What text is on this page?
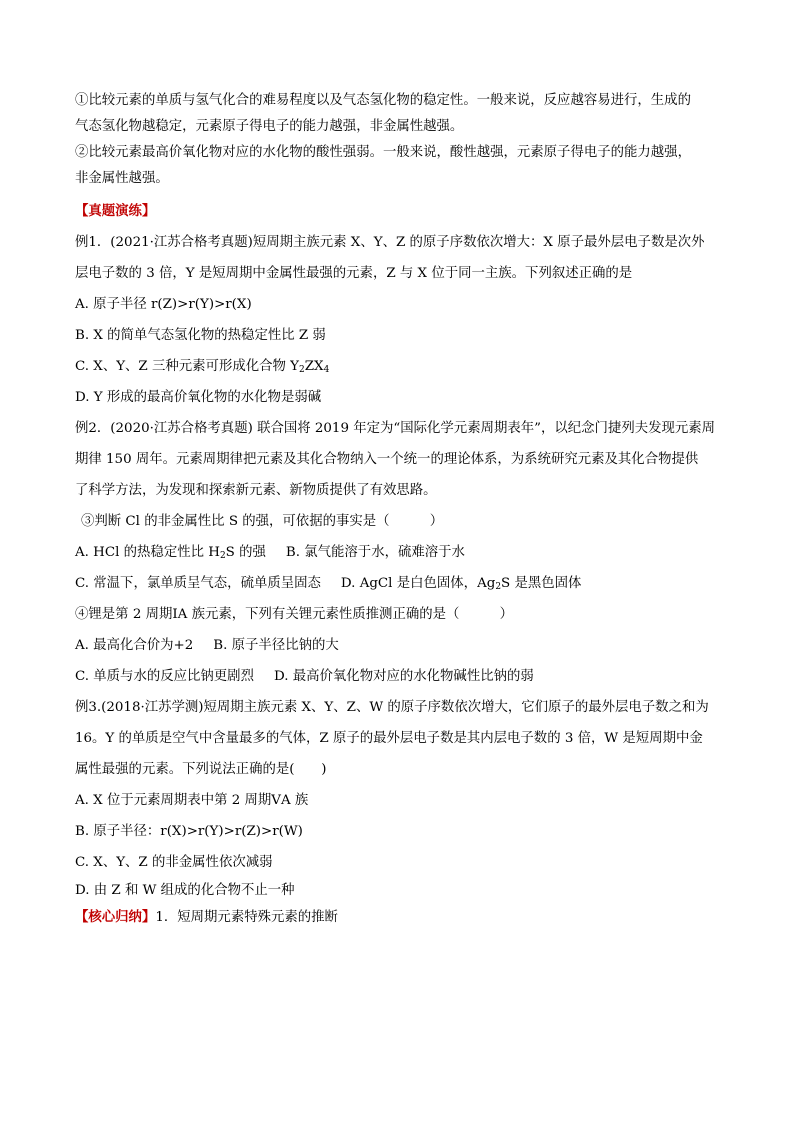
①比较元素的单质与氢气化合的难易程度以及气态氢化物的稳定性。一般来说，反应越容易进行，生成的

气态氢化物越稳定，元素原子得电子的能力越强，非金属性越强。

②比较元素最高价氧化物对应的水化物的酸性强弱。一般来说，酸性越强，元素原子得电子的能力越强，

非金属性越强。

【真题演练】

例1．(2021·江苏合格考真题)短周期主族元素 X、Y、Z 的原子序数依次增大：X 原子最外层电子数是次外

层电子数的 3 倍，Y 是短周期中金属性最强的元素，Z 与 X 位于同一主族。下列叙述正确的是

A. 原子半径 r(Z)>r(Y)>r(X)

B. X 的简单气态氢化物的热稳定性比 Z 弱

C. X、Y、Z 三种元素可形成化合物 $Y_2ZX_4$

D. Y 形成的最高价氧化物的水化物是弱碱

例2．(2020·江苏合格考真题) 联合国将 2019 年定为“国际化学元素周期表年”，以纪念门捷列夫发现元素周

期律 150 周年。元素周期律把元素及其化合物纳入一个统一的理论体系，为系统研究元素及其化合物提供

了科学方法，为发现和探索新元素、新物质提供了有效思路。

③判断 Cl 的非金属性比 S 的强，可依据的事实是（　　　）

A. HCl 的热稳定性比 $H_2S$ 的强 B. 氯气能溶于水，硫难溶于水

C. 常温下，氯单质呈气态，硫单质呈固态 D. AgCl 是白色固体，$Ag_2S$ 是黑色固体

④锂是第 2 周期ⅠA 族元素，下列有关锂元素性质推测正确的是（　　　）

A. 最高化合价为+2 B. 原子半径比钠的大

C. 单质与水的反应比钠更剧烈 D. 最高价氧化物对应的水化物碱性比钠的弱

例3.(2018·江苏学测)短周期主族元素 X、Y、Z、W 的原子序数依次增大，它们原子的最外层电子数之和为

16。Y 的单质是空气中含量最多的气体，Z 原子的最外层电子数是其内层电子数的 3 倍，W 是短周期中金

属性最强的元素。下列说法正确的是(　　)

A. X 位于元素周期表中第 2 周期ⅤA 族

B. 原子半径：r(X)>r(Y)>r(Z)>r(W)

C. X、Y、Z 的非金属性依次减弱

D. 由 Z 和 W 组成的化合物不止一种

【核心归纳】1．短周期元素特殊元素的推断
